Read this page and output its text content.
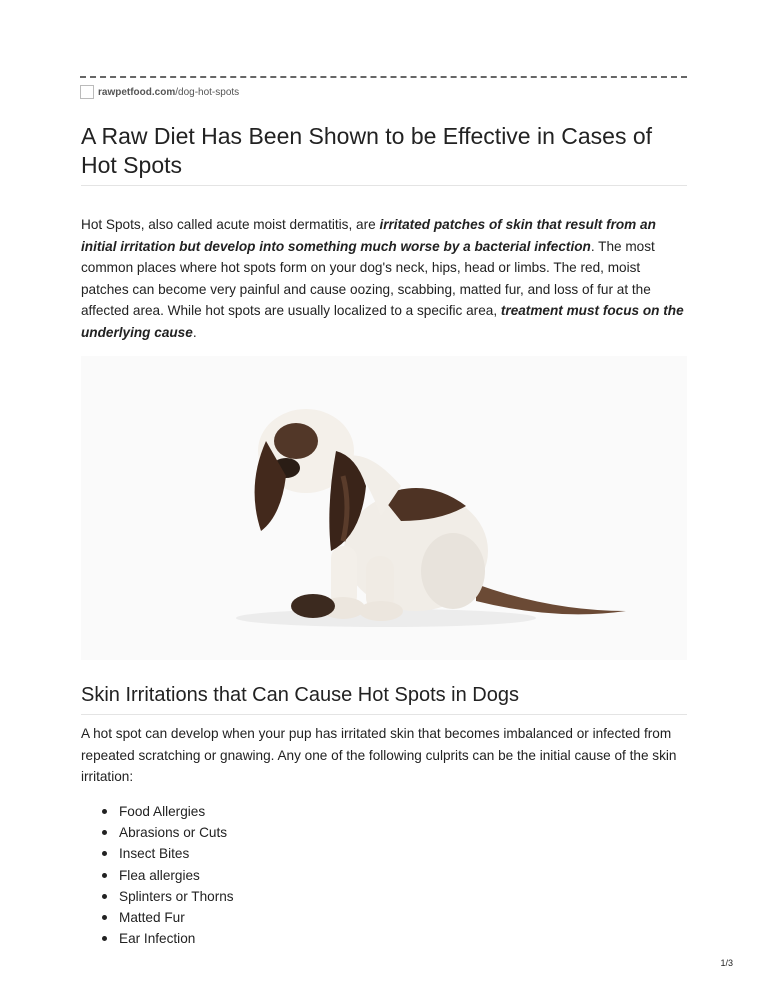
rawpetfood.com /dog-hot-spots
A Raw Diet Has Been Shown to be Effective in Cases of Hot Spots

Hot Spots, also called acute moist dermatitis, are irritated patches of skin that result from an initial irritation but develop into something much worse by a bacterial infection. The most common places where hot spots form on your dog's neck, hips, head or limbs. The red, moist patches can become very painful and cause oozing, scabbing, matted fur, and loss of fur at the affected area. While hot spots are usually localized to a specific area, treatment must focus on the underlying cause.

Skin Irritations that Can Cause Hot Spots in Dogs

A hot spot can develop when your pup has irritated skin that becomes imbalanced or infected from repeated scratching or gnawing. Any one of the following culprits can be the initial cause of the skin irritation:

Food Allergies
Abrasions or Cuts
Insect Bites
Flea allergies
Splinters or Thorns
Matted Fur
Ear Infection
1/3
